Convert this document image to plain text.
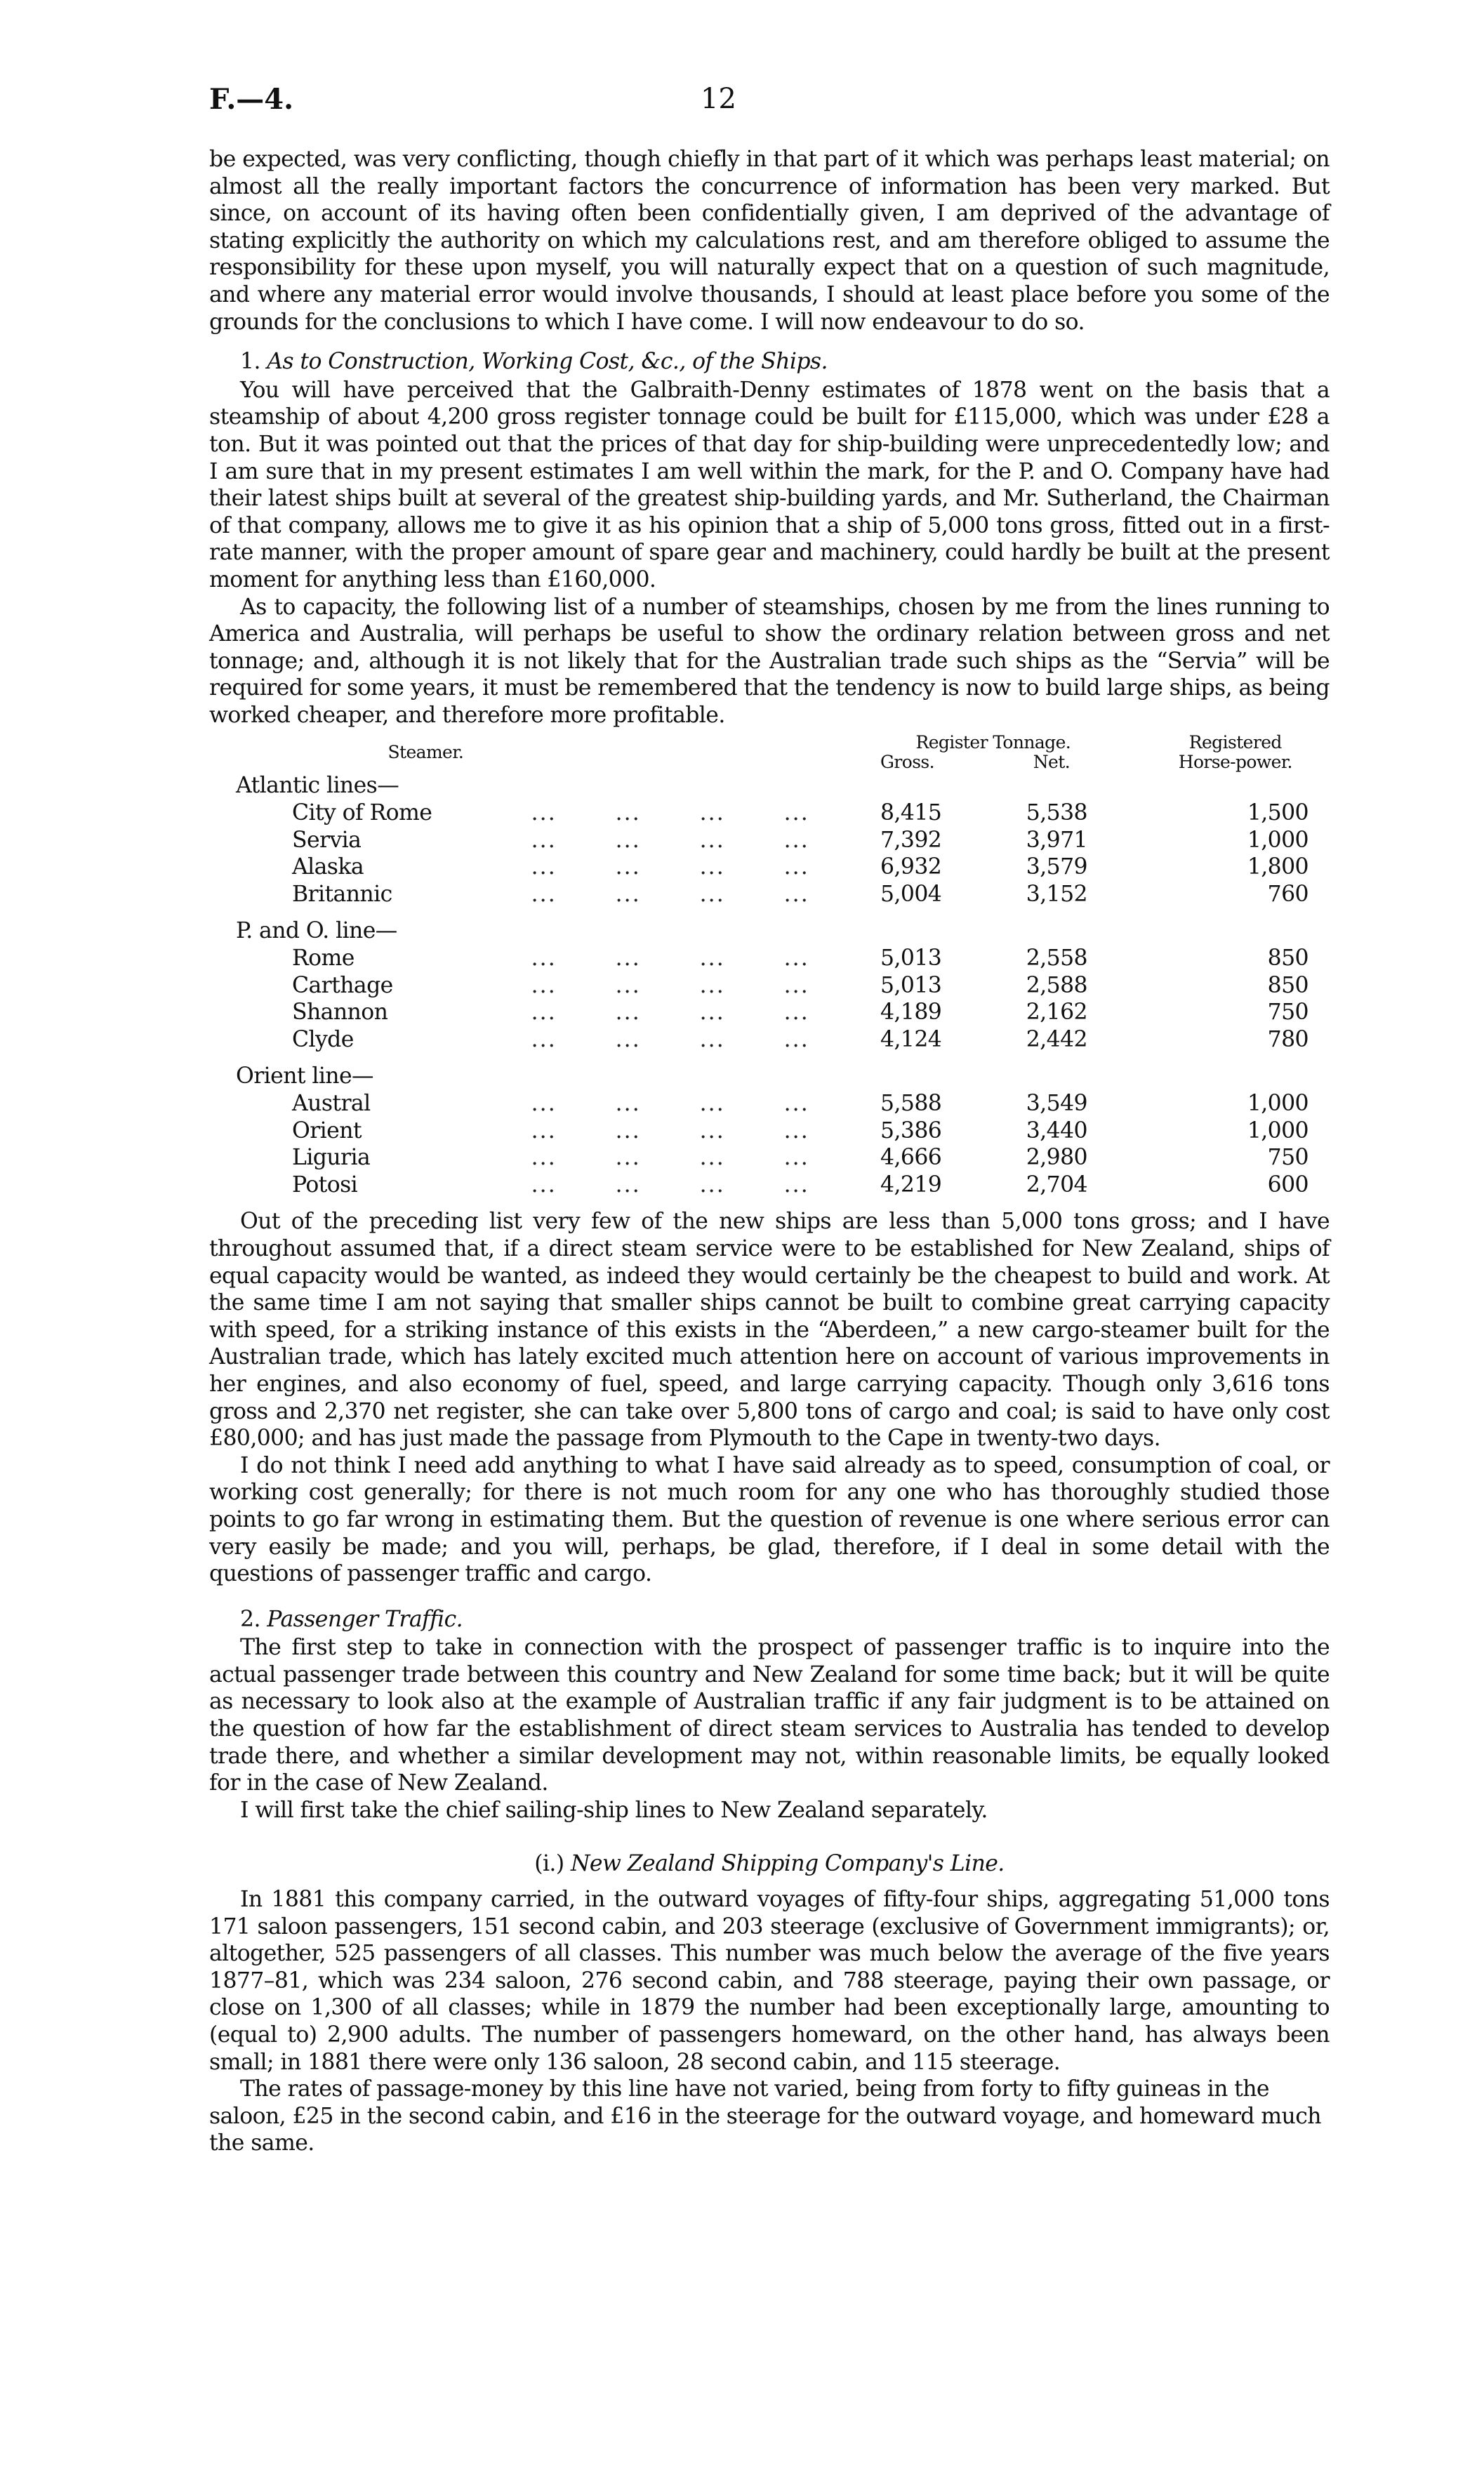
F.—4.	12

be expected, was very conflicting, though chiefly in that part of it which was perhaps least material; on almost all the really important factors the concurrence of information has been very marked. But since, on account of its having often been confidentially given, I am deprived of the advantage of stating explicitly the authority on which my calculations rest, and am therefore obliged to assume the responsibility for these upon myself, you will naturally expect that on a question of such magnitude, and where any material error would involve thousands, I should at least place before you some of the grounds for the conclusions to which I have come. I will now endeavour to do so.

1. As to Construction, Working Cost, &c., of the Ships.

You will have perceived that the Galbraith-Denny estimates of 1878 went on the basis that a steamship of about 4,200 gross register tonnage could be built for £115,000, which was under £28 a ton. But it was pointed out that the prices of that day for ship-building were unprecedentedly low; and I am sure that in my present estimates I am well within the mark, for the P. and O. Company have had their latest ships built at several of the greatest ship-building yards, and Mr. Sutherland, the Chairman of that company, allows me to give it as his opinion that a ship of 5,000 tons gross, fitted out in a first-rate manner, with the proper amount of spare gear and machinery, could hardly be built at the present moment for anything less than £160,000.

As to capacity, the following list of a number of steamships, chosen by me from the lines running to America and Australia, will perhaps be useful to show the ordinary relation between gross and net tonnage; and, although it is not likely that for the Australian trade such ships as the “Servia” will be required for some years, it must be remembered that the tendency is now to build large ships, as being worked cheaper, and therefore more profitable.

Steamer.		Register Tonnage.		Registered
		Gross.	Net.	Horse-power.
Atlantic lines—				
City of Rome	... ... ... ...	8,415	5,538	1,500
Servia	... ... ... ...	7,392	3,971	1,000
Alaska	... ... ... ...	6,932	3,579	1,800
Britannic	... ... ... ...	5,004	3,152	760
P. and O. line—				
Rome	... ... ... ...	5,013	2,558	850
Carthage	... ... ... ...	5,013	2,588	850
Shannon	... ... ... ...	4,189	2,162	750
Clyde	... ... ... ...	4,124	2,442	780
Orient line—				
Austral	... ... ... ...	5,588	3,549	1,000
Orient	... ... ... ...	5,386	3,440	1,000
Liguria	... ... ... ...	4,666	2,980	750
Potosi	... ... ... ...	4,219	2,704	600

Out of the preceding list very few of the new ships are less than 5,000 tons gross; and I have throughout assumed that, if a direct steam service were to be established for New Zealand, ships of equal capacity would be wanted, as indeed they would certainly be the cheapest to build and work. At the same time I am not saying that smaller ships cannot be built to combine great carrying capacity with speed, for a striking instance of this exists in the “Aberdeen,” a new cargo-steamer built for the Australian trade, which has lately excited much attention here on account of various improvements in her engines, and also economy of fuel, speed, and large carrying capacity. Though only 3,616 tons gross and 2,370 net register, she can take over 5,800 tons of cargo and coal; is said to have only cost £80,000; and has just made the passage from Plymouth to the Cape in twenty-two days.

I do not think I need add anything to what I have said already as to speed, consumption of coal, or working cost generally; for there is not much room for any one who has thoroughly studied those points to go far wrong in estimating them. But the question of revenue is one where serious error can very easily be made; and you will, perhaps, be glad, therefore, if I deal in some detail with the questions of passenger traffic and cargo.

2. Passenger Traffic.

The first step to take in connection with the prospect of passenger traffic is to inquire into the actual passenger trade between this country and New Zealand for some time back; but it will be quite as necessary to look also at the example of Australian traffic if any fair judgment is to be attained on the question of how far the establishment of direct steam services to Australia has tended to develop trade there, and whether a similar development may not, within reasonable limits, be equally looked for in the case of New Zealand.

I will first take the chief sailing-ship lines to New Zealand separately.

(i.) New Zealand Shipping Company's Line.

In 1881 this company carried, in the outward voyages of fifty-four ships, aggregating 51,000 tons 171 saloon passengers, 151 second cabin, and 203 steerage (exclusive of Government immigrants); or, altogether, 525 passengers of all classes. This number was much below the average of the five years 1877–81, which was 234 saloon, 276 second cabin, and 788 steerage, paying their own passage, or close on 1,300 of all classes; while in 1879 the number had been exceptionally large, amounting to (equal to) 2,900 adults. The number of passengers homeward, on the other hand, has always been small; in 1881 there were only 136 saloon, 28 second cabin, and 115 steerage.

The rates of passage-money by this line have not varied, being from forty to fifty guineas in the saloon, £25 in the second cabin, and £16 in the steerage for the outward voyage, and homeward much the same.
